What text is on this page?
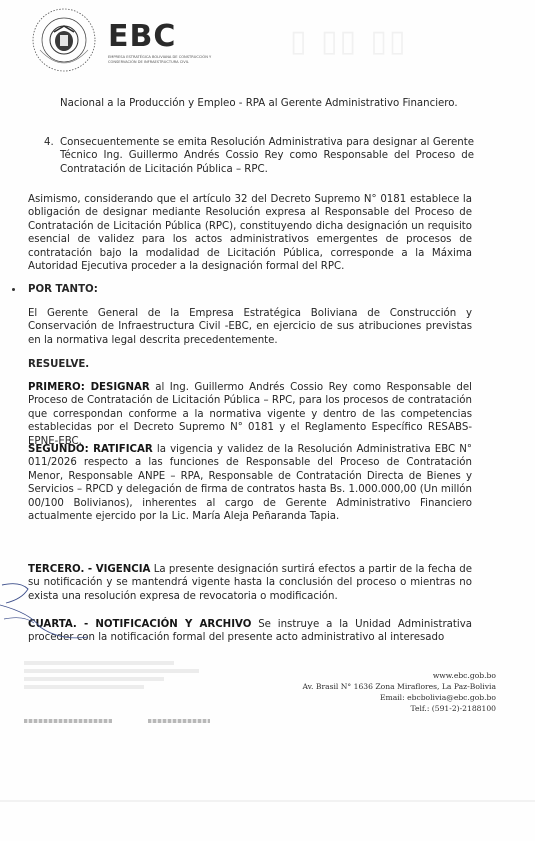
EBC
EMPRESA ESTRATÉGICA BOLIVIANA DE CONSTRUCCIÓN Y CONSERVACIÓN DE INFRAESTRUCTURA CIVIL
▯ ▯▯ ▯▯
Nacional a la Producción y Empleo - RPA al Gerente Administrativo Financiero.
4. Consecuentemente se emita Resolución Administrativa para designar al Gerente Técnico Ing. Guillermo Andrés Cossio Rey como Responsable del Proceso de Contratación de Licitación Pública – RPC.
Asimismo, considerando que el artículo 32 del Decreto Supremo N° 0181 establece la obligación de designar mediante Resolución expresa al Responsable del Proceso de Contratación de Licitación Pública (RPC), constituyendo dicha designación un requisito esencial de validez para los actos administrativos emergentes de procesos de contratación bajo la modalidad de Licitación Pública, corresponde a la Máxima Autoridad Ejecutiva proceder a la designación formal del RPC.
POR TANTO:
El Gerente General de la Empresa Estratégica Boliviana de Construcción y Conservación de Infraestructura Civil -EBC, en ejercicio de sus atribuciones previstas en la normativa legal descrita precedentemente.
RESUELVE.
PRIMERO: DESIGNAR al Ing. Guillermo Andrés Cossio Rey como Responsable del Proceso de Contratación de Licitación Pública – RPC, para los procesos de contratación que correspondan conforme a la normativa vigente y dentro de las competencias establecidas por el Decreto Supremo N° 0181 y el Reglamento Específico RESABS-EPNE-EBC.
SEGUNDO: RATIFICAR la vigencia y validez de la Resolución Administrativa EBC N° 011/2026 respecto a las funciones de Responsable del Proceso de Contratación Menor, Responsable ANPE – RPA, Responsable de Contratación Directa de Bienes y Servicios – RPCD y delegación de firma de contratos hasta Bs. 1.000.000,00 (Un millón 00/100 Bolivianos), inherentes al cargo de Gerente Administrativo Financiero actualmente ejercido por la Lic. María Aleja Peñaranda Tapia.
TERCERO. - VIGENCIA La presente designación surtirá efectos a partir de la fecha de su notificación y se mantendrá vigente hasta la conclusión del proceso o mientras no exista una resolución expresa de revocatoria o modificación.
CUARTA. - NOTIFICACIÓN Y ARCHIVO Se instruye a la Unidad Administrativa proceder con la notificación formal del presente acto administrativo al interesado
www.ebc.gob.bo
Av. Brasil N° 1636 Zona Miraflores, La Paz-Bolivia
Email: ebcbolivia@ebc.gob.bo
Telf.: (591-2)-2188100
